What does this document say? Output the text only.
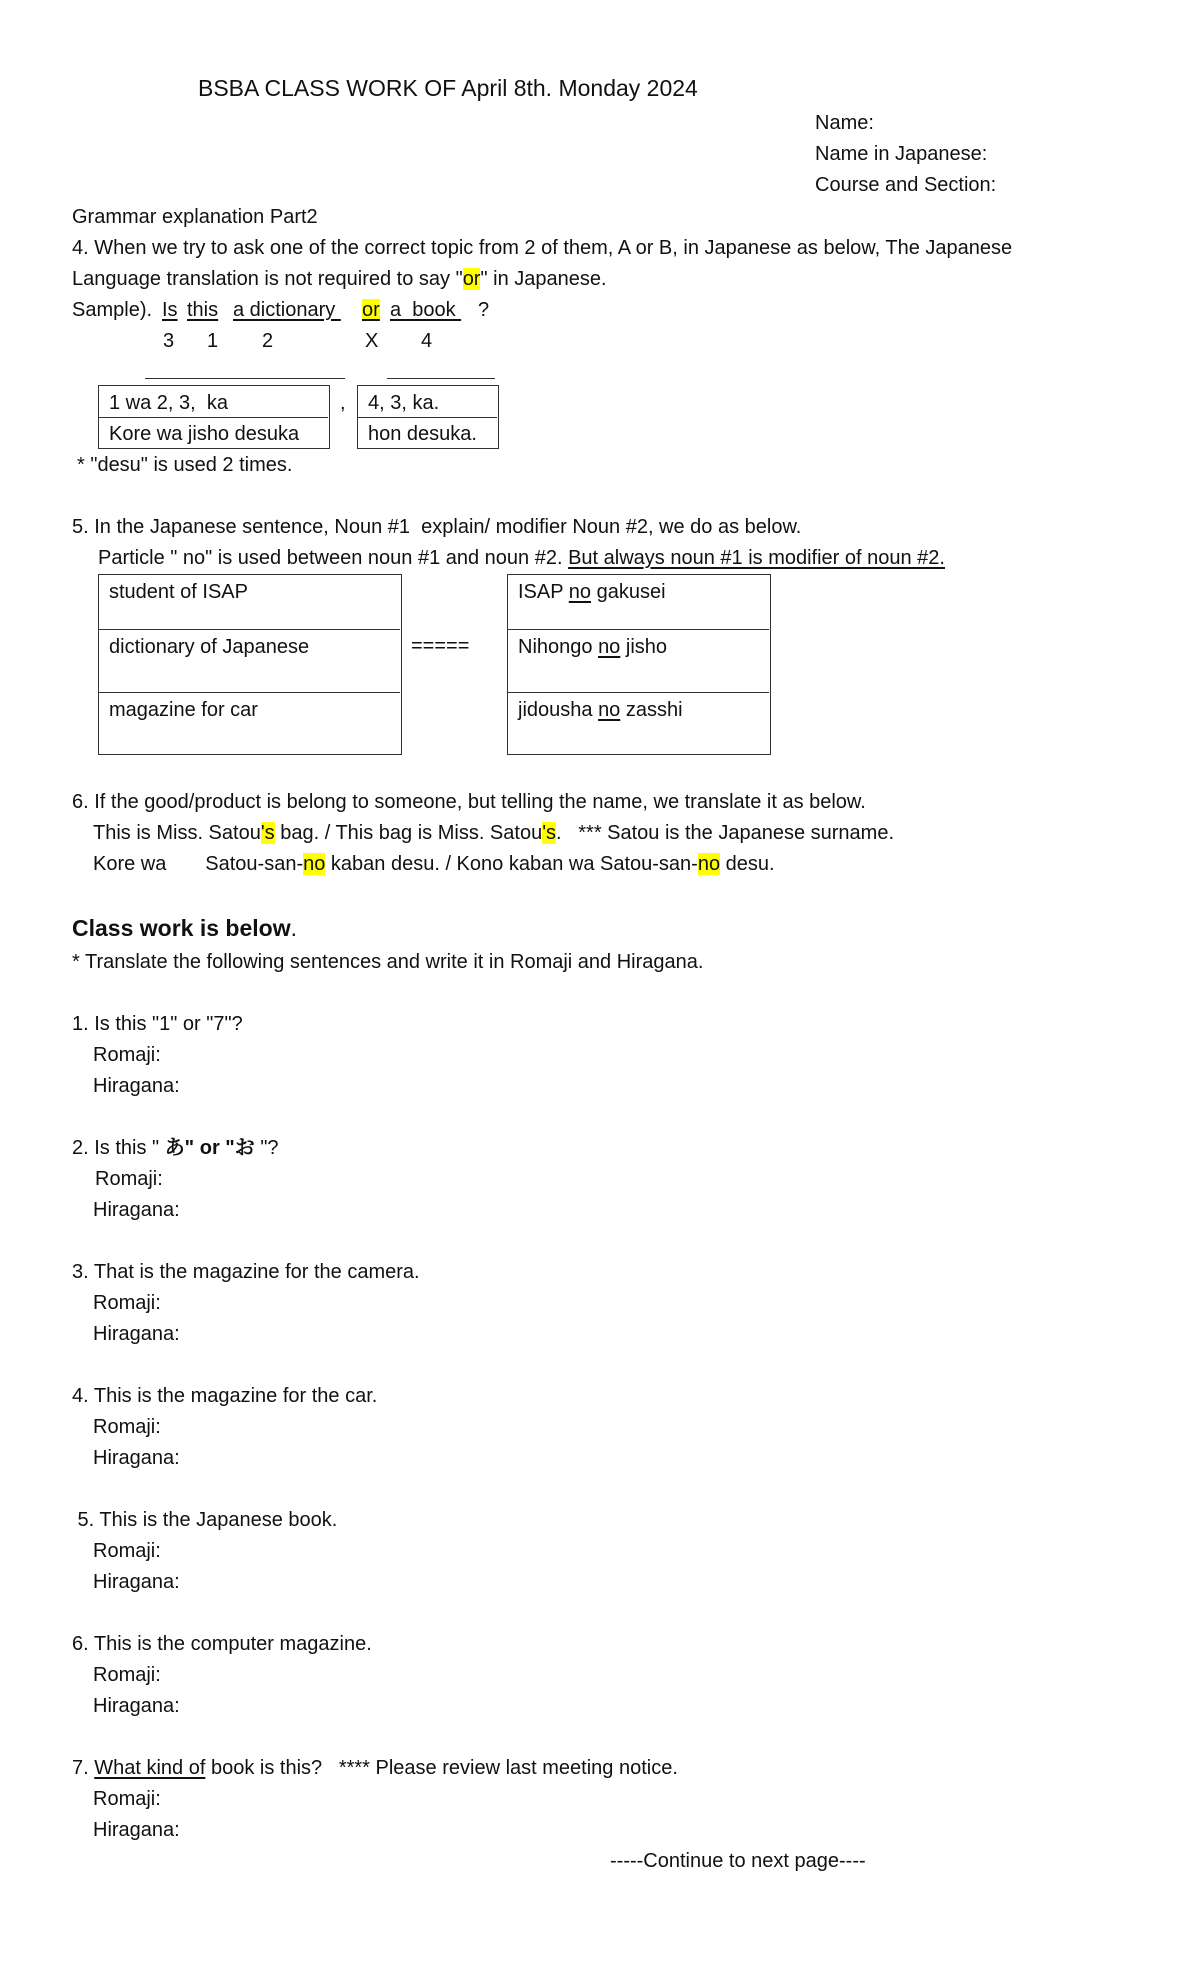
BSBA CLASS WORK OF April 8th. Monday 2024
Name:
Name in Japanese:
Course and Section:
Grammar explanation Part2
4. When we try to ask one of the correct topic from 2 of them, A or B, in Japanese as below, The Japanese
Language translation is not required to say "or" in Japanese.
Sample). Is this a dictionary or a  book ?
3 1 2	X 4
1 wa 2, 3,  ka
Kore wa jisho desuka
,	4, 3, ka.
hon desuka.
* "desu" is used 2 times.
5. In the Japanese sentence, Noun #1  explain/ modifier Noun #2, we do as below.
Particle " no" is used between noun #1 and noun #2. But always noun #1 is modifier of noun #2.
student of ISAP
dictionary of Japanese
magazine for car
=====
ISAP no gakusei
Nihongo no jisho
jidousha no zasshi
6. If the good/product is belong to someone, but telling the name, we translate it as below.
This is Miss. Satou's bag. / This bag is Miss. Satou's.   *** Satou is the Japanese surname.
Kore wa       Satou-san-no kaban desu. / Kono kaban wa Satou-san-no desu.
Class work is below.
* Translate the following sentences and write it in Romaji and Hiragana.
1. Is this "1" or "7"?
Romaji:
Hiragana:
2. Is this " あ" or "お "?
Romaji:
Hiragana:
3. That is the magazine for the camera.
Romaji:
Hiragana:
4. This is the magazine for the car.
Romaji:
Hiragana:
5. This is the Japanese book.
Romaji:
Hiragana:
6. This is the computer magazine.
Romaji:
Hiragana:
7. What kind of book is this?   **** Please review last meeting notice.
Romaji:
Hiragana:
-----Continue to next page----
